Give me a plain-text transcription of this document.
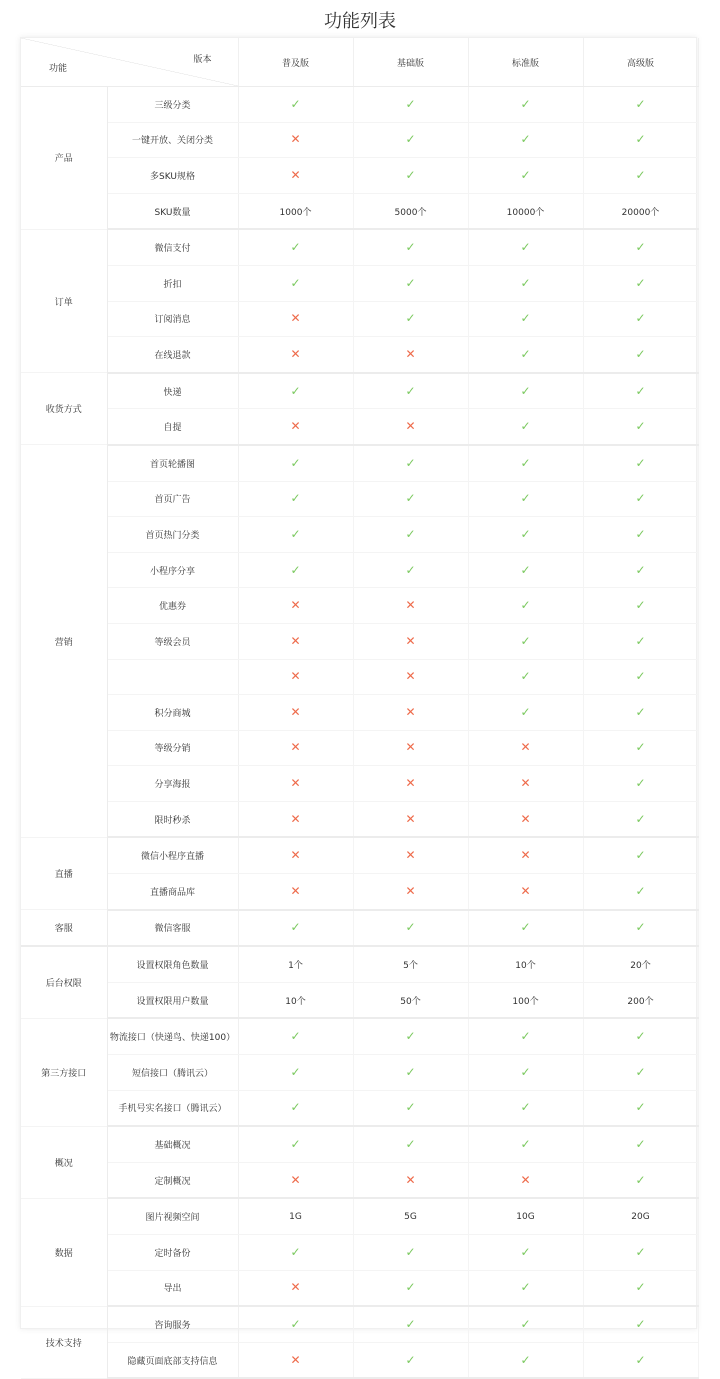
功能列表
版本
功能		普及版	基础版	标准版	高级版
产品	三级分类	✓	✓	✓	✓
	一键开放、关闭分类	✕	✓	✓	✓
	多SKU规格	✕	✓	✓	✓
	SKU数量	1000个	5000个	10000个	20000个
订单	微信支付	✓	✓	✓	✓
	折扣	✓	✓	✓	✓
	订阅消息	✕	✓	✓	✓
	在线退款	✕	✕	✓	✓
收货方式	快递	✓	✓	✓	✓
	自提	✕	✕	✓	✓
营销	首页轮播图	✓	✓	✓	✓
	首页广告	✓	✓	✓	✓
	首页热门分类	✓	✓	✓	✓
	小程序分享	✓	✓	✓	✓
	优惠券	✕	✕	✓	✓
	等级会员	✕	✕	✓	✓
		✕	✕	✓	✓
	积分商城	✕	✕	✓	✓
	等级分销	✕	✕	✕	✓
	分享海报	✕	✕	✕	✓
	限时秒杀	✕	✕	✕	✓
直播	微信小程序直播	✕	✕	✕	✓
	直播商品库	✕	✕	✕	✓
客服	微信客服	✓	✓	✓	✓
后台权限	设置权限角色数量	1个	5个	10个	20个
	设置权限用户数量	10个	50个	100个	200个
第三方接口	物流接口（快递鸟、快递100）	✓	✓	✓	✓
	短信接口（腾讯云）	✓	✓	✓	✓
	手机号实名接口（腾讯云）	✓	✓	✓	✓
概况	基础概况	✓	✓	✓	✓
	定制概况	✕	✕	✕	✓
数据	图片视频空间	1G	5G	10G	20G
	定时备份	✓	✓	✓	✓
	导出	✕	✓	✓	✓
技术支持	咨询服务	✓	✓	✓	✓
	隐藏页面底部支持信息	✕	✓	✓	✓
